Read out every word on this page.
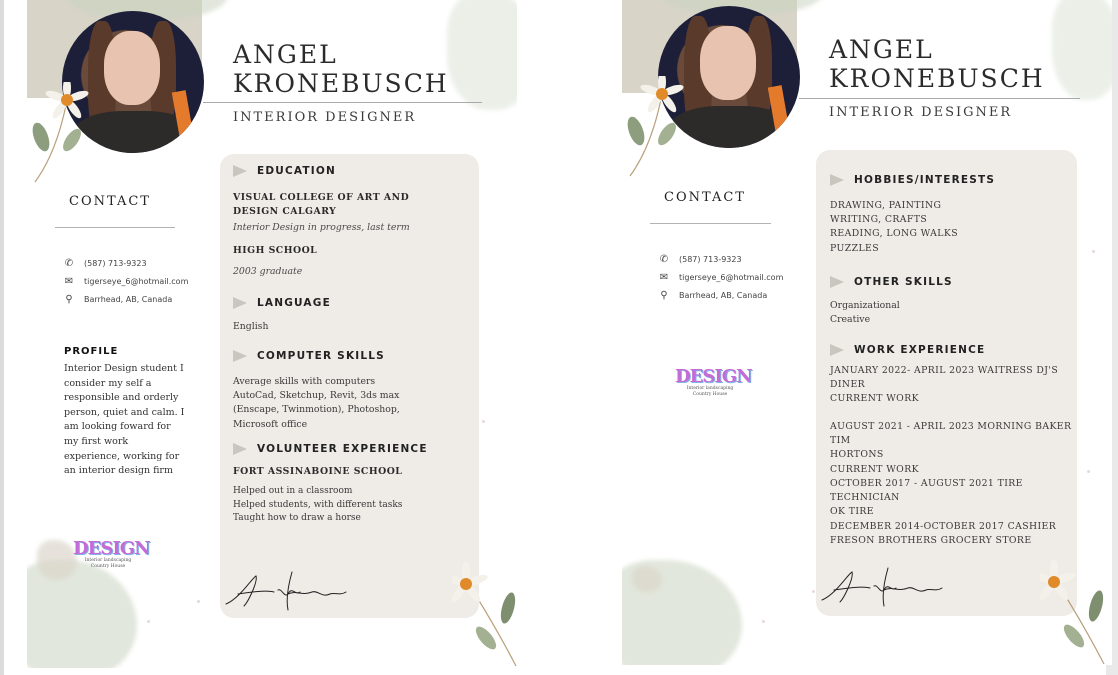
ANGEL
KRONEBUSCH
INTERIOR DESIGNER
CONTACT
✆ (587) 713-9323
✉ tigerseye_6@hotmail.com
⚲ Barrhead, AB, Canada
PROFILE
Interior Design student I consider my self a responsible and orderly person, quiet and calm. I am looking foward for my first work experience, working for an interior design firm
DESIGN
Interior landscaping
Country House
EDUCATION
VISUAL COLLEGE OF ART AND DESIGN CALGARY
Interior Design in progress, last term
HIGH SCHOOL
2003 graduate
LANGUAGE
English
COMPUTER SKILLS
Average skills with computers
AutoCad, Sketchup, Revit, 3ds max
(Enscape, Twinmotion), Photoshop,
Microsoft office
VOLUNTEER EXPERIENCE
FORT ASSINABOINE SCHOOL
Helped out in a classroom
Helped students, with different tasks
Taught how to draw a horse
ANGEL
KRONEBUSCH
INTERIOR DESIGNER
CONTACT
✆ (587) 713-9323
✉ tigerseye_6@hotmail.com
⚲ Barrhead, AB, Canada
DESIGN
Interior landscaping
Country House
HOBBIES/INTERESTS
DRAWING, PAINTING
WRITING, CRAFTS
READING, LONG WALKS
PUZZLES
OTHER SKILLS
Organizational
Creative
WORK EXPERIENCE
JANUARY 2022- APRIL 2023 WAITRESS DJ'S
DINER
CURRENT WORK
AUGUST 2021 - APRIL 2023 MORNING BAKER TIM
HORTONS
CURRENT WORK
OCTOBER 2017 - AUGUST 2021 TIRE TECHNICIAN
OK TIRE
DECEMBER 2014-OCTOBER 2017 CASHIER
FRESON BROTHERS GROCERY STORE
